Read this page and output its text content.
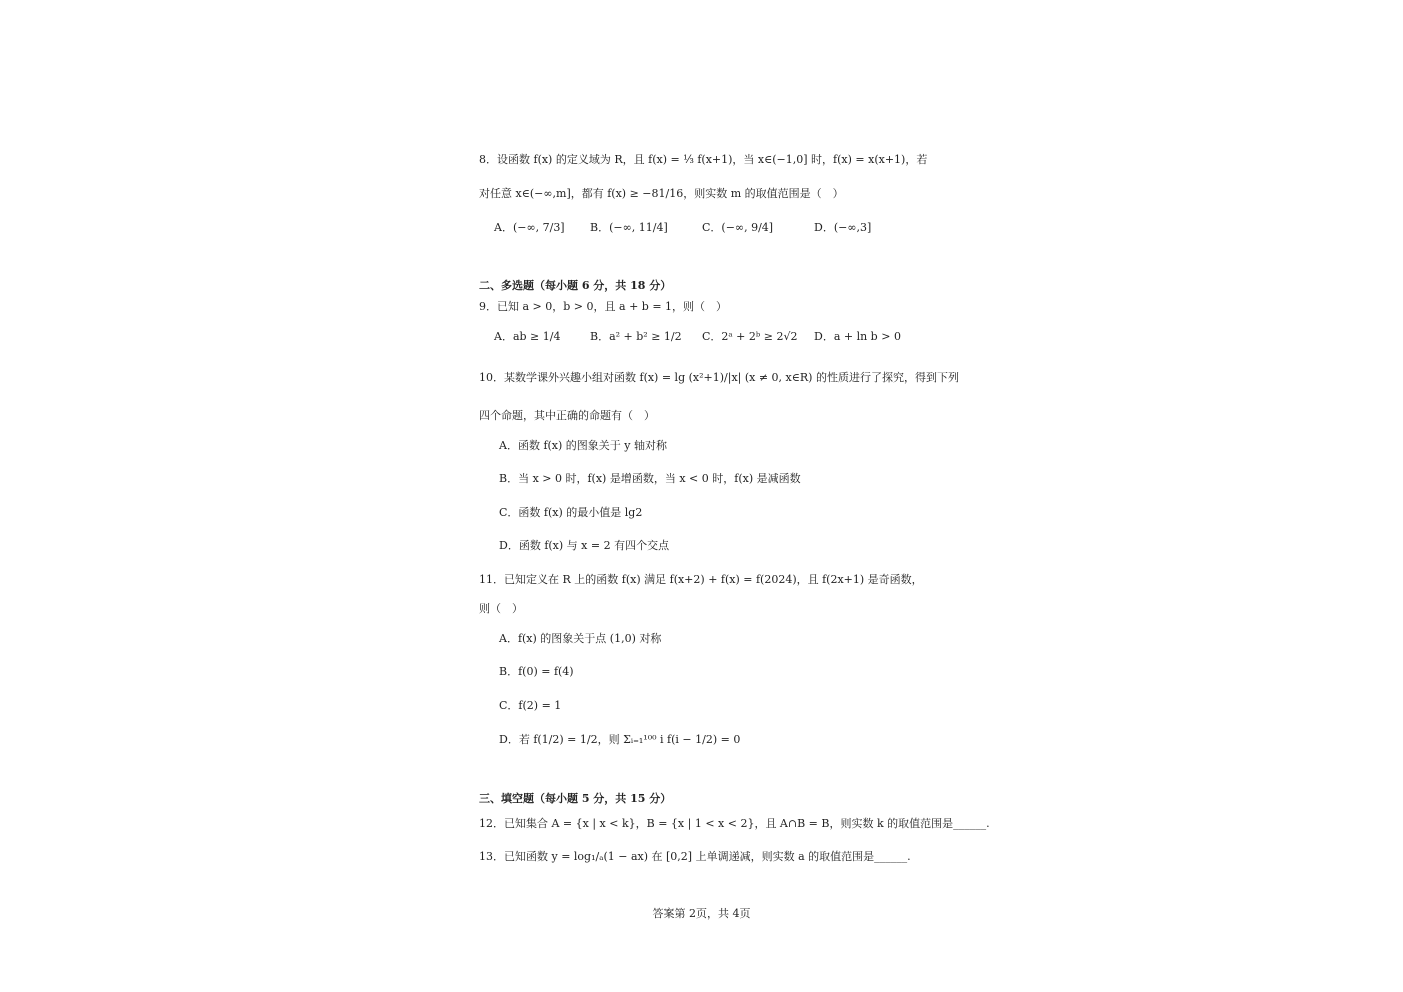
8．设函数 f(x) 的定义域为 R，且 f(x) = ⅓ f(x+1)，当 x∈(−1,0] 时，f(x) = x(x+1)，若
对任意 x∈(−∞,m]，都有 f(x) ≥ −81/16，则实数 m 的取值范围是（　）
A．(−∞, 7/3] B．(−∞, 11/4]	C．(−∞, 9/4]	D．(−∞,3]
二、多选题（每小题 6 分，共 18 分）
9．已知 a > 0，b > 0，且 a + b = 1，则（　）
A．ab ≥ 1/4	B．a² + b² ≥ 1/2 C．2ᵃ + 2ᵇ ≥ 2√2 D．a + ln b > 0
10．某数学课外兴趣小组对函数 f(x) = lg (x²+1)/|x| (x ≠ 0, x∈R) 的性质进行了探究，得到下列
四个命题，其中正确的命题有（　）
A．函数 f(x) 的图象关于 y 轴对称
B．当 x > 0 时，f(x) 是增函数，当 x < 0 时，f(x) 是减函数
C．函数 f(x) 的最小值是 lg2
D．函数 f(x) 与 x = 2 有四个交点
11．已知定义在 R 上的函数 f(x) 满足 f(x+2) + f(x) = f(2024)，且 f(2x+1) 是奇函数，
则（　）
A．f(x) 的图象关于点 (1,0) 对称
B．f(0) = f(4)
C．f(2) = 1
D．若 f(1/2) = 1/2，则 Σᵢ₌₁¹⁰⁰ i f(i − 1/2) = 0
三、填空题（每小题 5 分，共 15 分）
12．已知集合 A = {x | x < k}，B = {x | 1 < x < 2}，且 A∩B = B，则实数 k 的取值范围是______.
13．已知函数 y = log₁/ₐ(1 − ax) 在 [0,2] 上单调递减，则实数 a 的取值范围是______.
答案第 2页，共 4页
